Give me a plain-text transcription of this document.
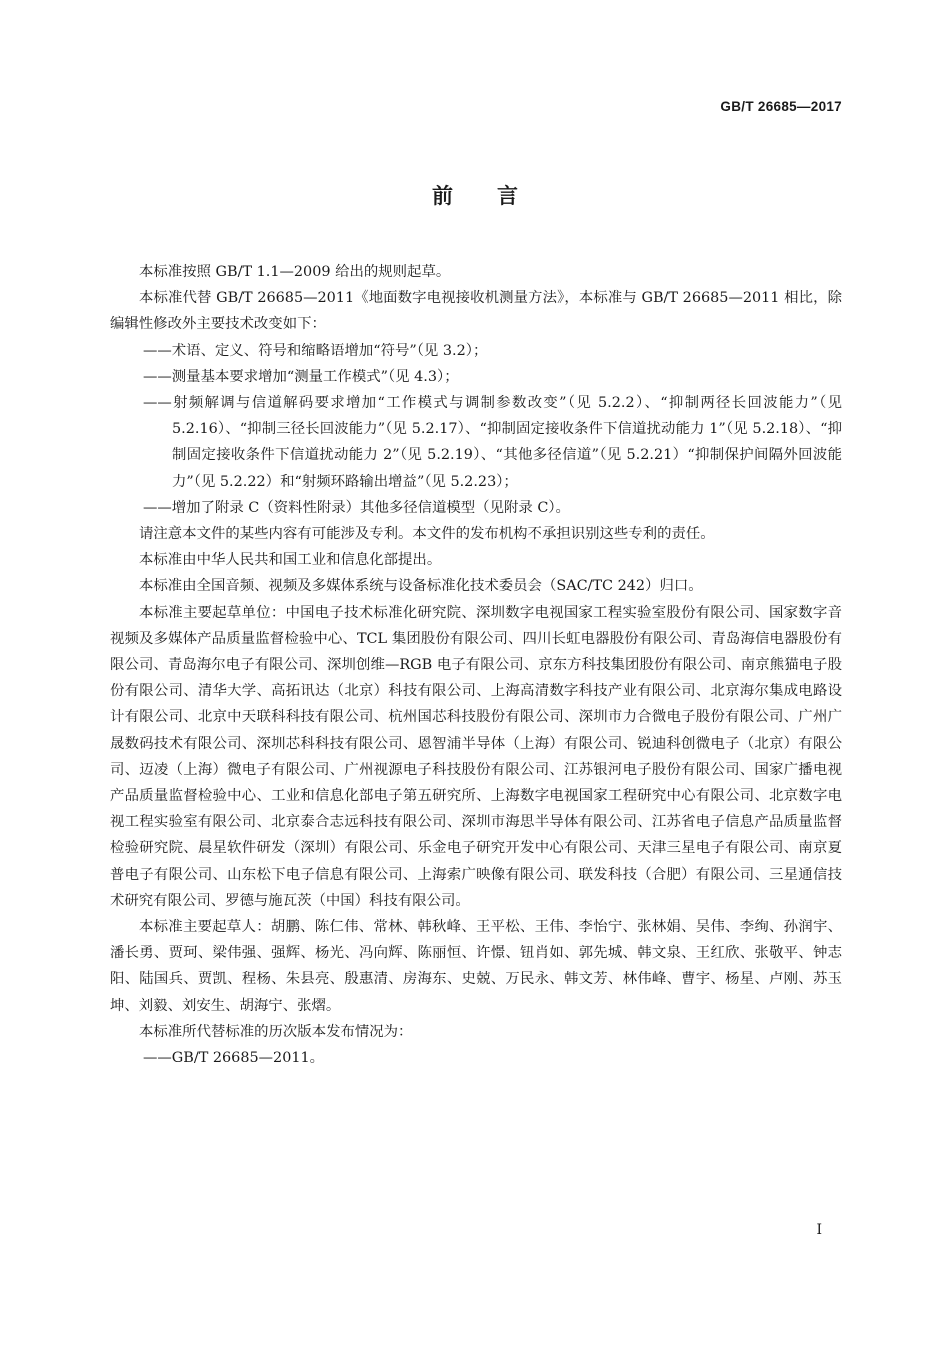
GB/T 26685—2017
前言

本标准按照 GB/T 1.1—2009 给出的规则起草。

本标准代替 GB/T 26685—2011《地面数字电视接收机测量方法》，本标准与 GB/T 26685—2011 相比，除编辑性修改外主要技术改变如下：

——术语、定义、符号和缩略语增加“符号”（见 3.2）；

——测量基本要求增加“测量工作模式”（见 4.3）；

——射频解调与信道解码要求增加“工作模式与调制参数改变”（见 5.2.2）、“抑制两径长回波能力”（见 5.2.16）、“抑制三径长回波能力”（见 5.2.17）、“抑制固定接收条件下信道扰动能力 1”（见 5.2.18）、“抑制固定接收条件下信道扰动能力 2”（见 5.2.19）、“其他多径信道”（见 5.2.21）“抑制保护间隔外回波能力”（见 5.2.22）和“射频环路输出增益”（见 5.2.23）；

——增加了附录 C（资料性附录）其他多径信道模型（见附录 C）。

请注意本文件的某些内容有可能涉及专利。本文件的发布机构不承担识别这些专利的责任。

本标准由中华人民共和国工业和信息化部提出。

本标准由全国音频、视频及多媒体系统与设备标准化技术委员会（SAC/TC 242）归口。

本标准主要起草单位：中国电子技术标准化研究院、深圳数字电视国家工程实验室股份有限公司、国家数字音视频及多媒体产品质量监督检验中心、TCL 集团股份有限公司、四川长虹电器股份有限公司、青岛海信电器股份有限公司、青岛海尔电子有限公司、深圳创维—RGB 电子有限公司、京东方科技集团股份有限公司、南京熊猫电子股份有限公司、清华大学、高拓讯达（北京）科技有限公司、上海高清数字科技产业有限公司、北京海尔集成电路设计有限公司、北京中天联科科技有限公司、杭州国芯科技股份有限公司、深圳市力合微电子股份有限公司、广州广晟数码技术有限公司、深圳芯科科技有限公司、恩智浦半导体（上海）有限公司、锐迪科创微电子（北京）有限公司、迈凌（上海）微电子有限公司、广州视源电子科技股份有限公司、江苏银河电子股份有限公司、国家广播电视产品质量监督检验中心、工业和信息化部电子第五研究所、上海数字电视国家工程研究中心有限公司、北京数字电视工程实验室有限公司、北京泰合志远科技有限公司、深圳市海思半导体有限公司、江苏省电子信息产品质量监督检验研究院、晨星软件研发（深圳）有限公司、乐金电子研究开发中心有限公司、天津三星电子有限公司、南京夏普电子有限公司、山东松下电子信息有限公司、上海索广映像有限公司、联发科技（合肥）有限公司、三星通信技术研究有限公司、罗德与施瓦茨（中国）科技有限公司。

本标准主要起草人：胡鹏、陈仁伟、常林、韩秋峰、王平松、王伟、李怡宁、张林娟、吴伟、李绚、孙润宇、潘长勇、贾珂、梁伟强、强辉、杨光、冯向辉、陈丽恒、许憬、钮肖如、郭先城、韩文泉、王红欣、张敬平、钟志阳、陆国兵、贾凯、程杨、朱县亮、殷惠清、房海东、史兢、万民永、韩文芳、林伟峰、曹宇、杨星、卢刚、苏玉坤、刘毅、刘安生、胡海宁、张熠。

本标准所代替标准的历次版本发布情况为：

——GB/T 26685—2011。

I
